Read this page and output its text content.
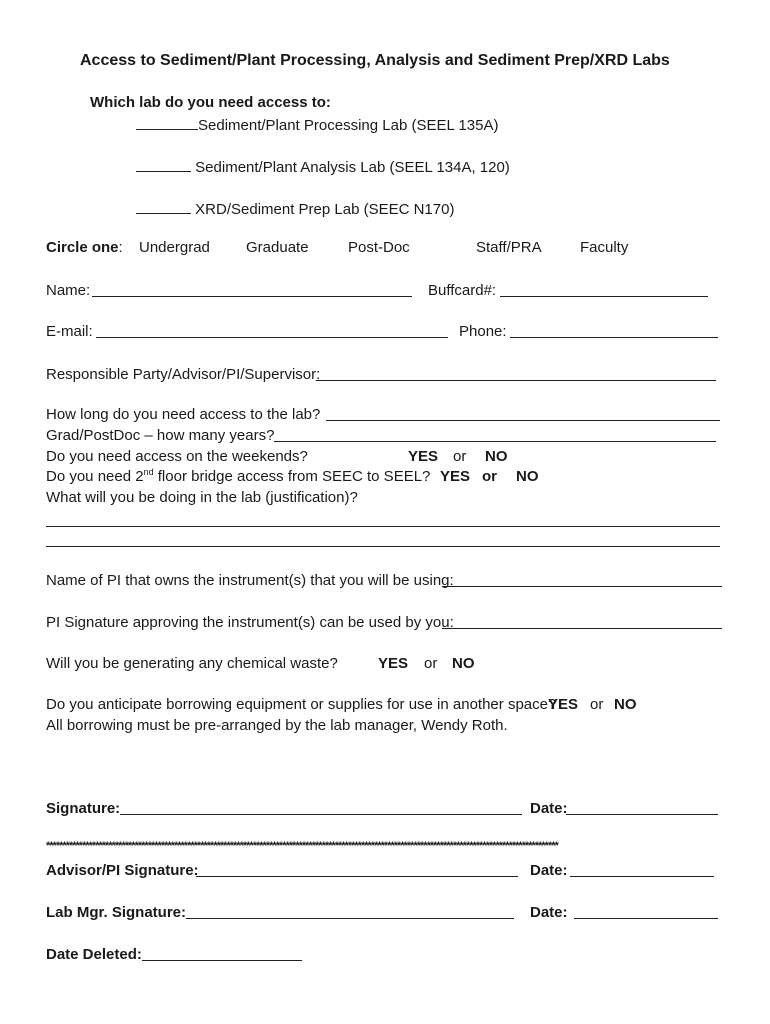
Access to Sediment/Plant Processing, Analysis and Sediment Prep/XRD Labs
Which lab do you need access to:
Sediment/Plant Processing Lab (SEEL 135A)
Sediment/Plant Analysis Lab (SEEL 134A, 120)
XRD/Sediment Prep Lab (SEEC N170)
Circle one: Undergrad Graduate	Post-Doc	Staff/PRA	Faculty
Name:	Buffcard#:
E-mail:	Phone:
Responsible Party/Advisor/PI/Supervisor:
How long do you need access to the lab?
Grad/PostDoc – how many years?
Do you need access on the weekends?	YES or NO
Do you need 2nd floor bridge access from SEEC to SEEL? YES or NO
What will you be doing in the lab (justification)?
Name of PI that owns the instrument(s) that you will be using:
PI Signature approving the instrument(s) can be used by you:
Will you be generating any chemical waste?	YES or NO
Do you anticipate borrowing equipment or supplies for use in another space?
YES or NO
All borrowing must be pre-arranged by the lab manager, Wendy Roth.
Signature:	Date:
************************************************************************************************************************************************************
Advisor/PI Signature:	Date:
Lab Mgr. Signature:	Date:
Date Deleted:
